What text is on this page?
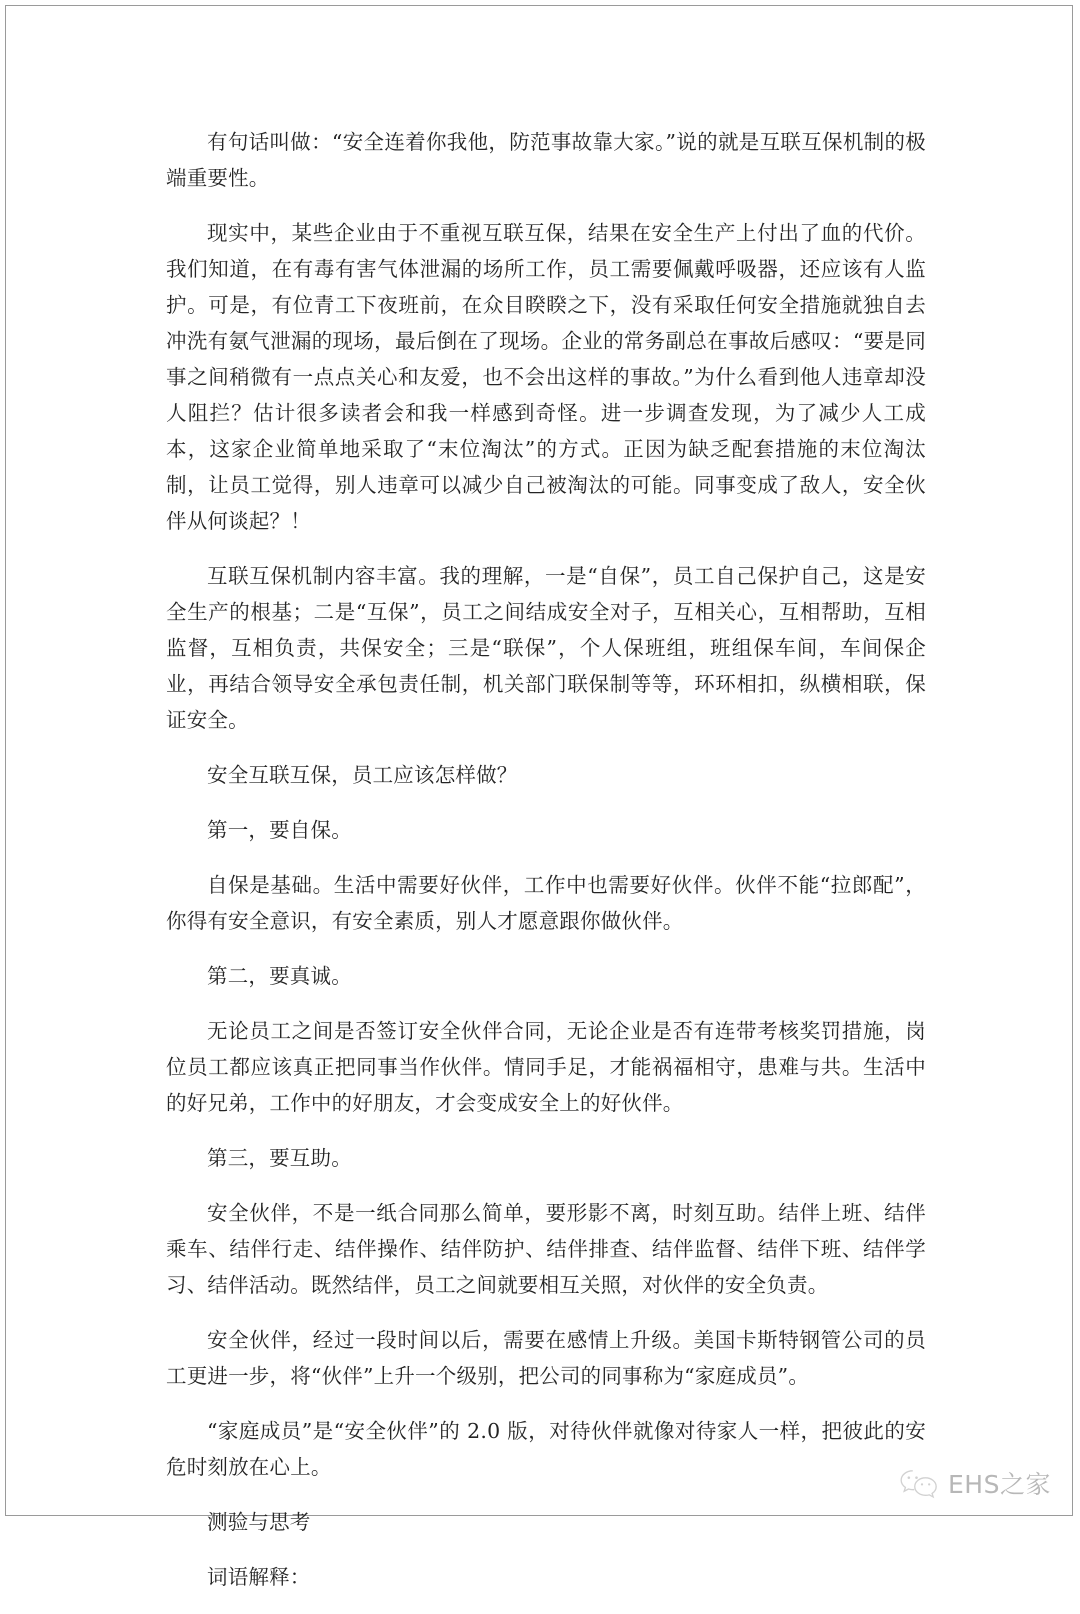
有句话叫做：“安全连着你我他，防范事故靠大家。”说的就是互联互保机制的极端重要性。

现实中，某些企业由于不重视互联互保，结果在安全生产上付出了血的代价。我们知道，在有毒有害气体泄漏的场所工作，员工需要佩戴呼吸器，还应该有人监护。可是，有位青工下夜班前，在众目睽睽之下，没有采取任何安全措施就独自去冲洗有氨气泄漏的现场，最后倒在了现场。企业的常务副总在事故后感叹：“要是同事之间稍微有一点点关心和友爱，也不会出这样的事故。”为什么看到他人违章却没人阻拦？估计很多读者会和我一样感到奇怪。进一步调查发现，为了减少人工成本，这家企业简单地采取了“末位淘汰”的方式。正因为缺乏配套措施的末位淘汰制，让员工觉得，别人违章可以减少自己被淘汰的可能。同事变成了敌人，安全伙伴从何谈起？！

互联互保机制内容丰富。我的理解，一是“自保”，员工自己保护自己，这是安全生产的根基；二是“互保”，员工之间结成安全对子，互相关心，互相帮助，互相监督，互相负责，共保安全；三是“联保”，个人保班组，班组保车间，车间保企业，再结合领导安全承包责任制，机关部门联保制等等，环环相扣，纵横相联，保证安全。

安全互联互保，员工应该怎样做？

第一，要自保。

自保是基础。生活中需要好伙伴，工作中也需要好伙伴。伙伴不能“拉郎配”，你得有安全意识，有安全素质，别人才愿意跟你做伙伴。

第二，要真诚。

无论员工之间是否签订安全伙伴合同，无论企业是否有连带考核奖罚措施，岗位员工都应该真正把同事当作伙伴。情同手足，才能祸福相守，患难与共。生活中的好兄弟，工作中的好朋友，才会变成安全上的好伙伴。

第三，要互助。

安全伙伴，不是一纸合同那么简单，要形影不离，时刻互助。结伴上班、结伴乘车、结伴行走、结伴操作、结伴防护、结伴排查、结伴监督、结伴下班、结伴学习、结伴活动。既然结伴，员工之间就要相互关照，对伙伴的安全负责。

安全伙伴，经过一段时间以后，需要在感情上升级。美国卡斯特钢管公司的员工更进一步，将“伙伴”上升一个级别，把公司的同事称为“家庭成员”。

“家庭成员”是“安全伙伴”的 2.0 版，对待伙伴就像对待家人一样，把彼此的安危时刻放在心上。

测验与思考

词语解释：

EHS之家
